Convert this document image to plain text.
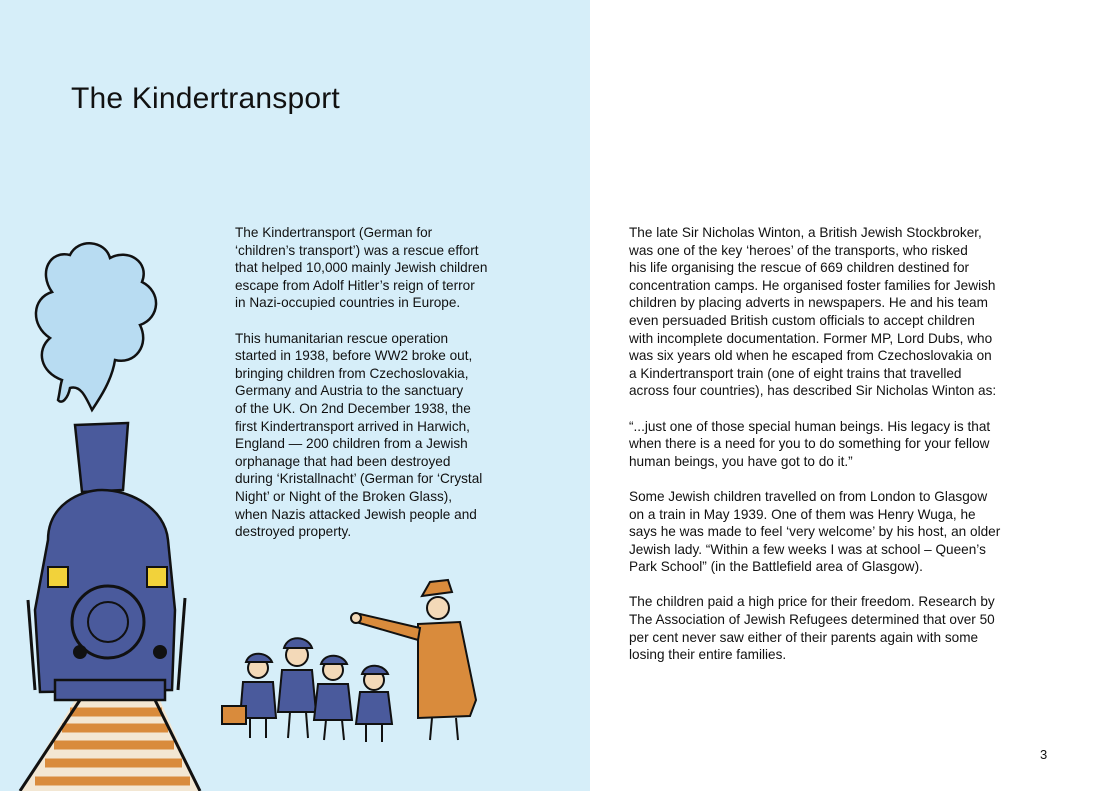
The Kindertransport

The Kindertransport (German for
‘children’s transport’) was a rescue effort
that helped 10,000 mainly Jewish children
escape from Adolf Hitler’s reign of terror
in Nazi-occupied countries in Europe.

This humanitarian rescue operation
started in 1938, before WW2 broke out,
bringing children from Czechoslovakia,
Germany and Austria to the sanctuary
of the UK. On 2nd December 1938, the
first Kindertransport arrived in Harwich,
England — 200 children from a Jewish
orphanage that had been destroyed
during ‘Kristallnacht’ (German for ‘Crystal
Night’ or Night of the Broken Glass),
when Nazis attacked Jewish people and
destroyed property.

The late Sir Nicholas Winton, a British Jewish Stockbroker,
was one of the key ‘heroes’ of the transports, who risked
his life organising the rescue of 669 children destined for
concentration camps. He organised foster families for Jewish
children by placing adverts in newspapers. He and his team
even persuaded British custom officials to accept children
with incomplete documentation. Former MP, Lord Dubs, who
was six years old when he escaped from Czechoslovakia on
a Kindertransport train (one of eight trains that travelled
across four countries), has described Sir Nicholas Winton as:

“...just one of those special human beings. His legacy is that
when there is a need for you to do something for your fellow
human beings, you have got to do it.”

Some Jewish children travelled on from London to Glasgow
on a train in May 1939. One of them was Henry Wuga, he
says he was made to feel ‘very welcome’ by his host, an older
Jewish lady. “Within a few weeks I was at school – Queen’s
Park School” (in the Battlefield area of Glasgow).

The children paid a high price for their freedom. Research by
The Association of Jewish Refugees determined that over 50
per cent never saw either of their parents again with some
losing their entire families.

3
